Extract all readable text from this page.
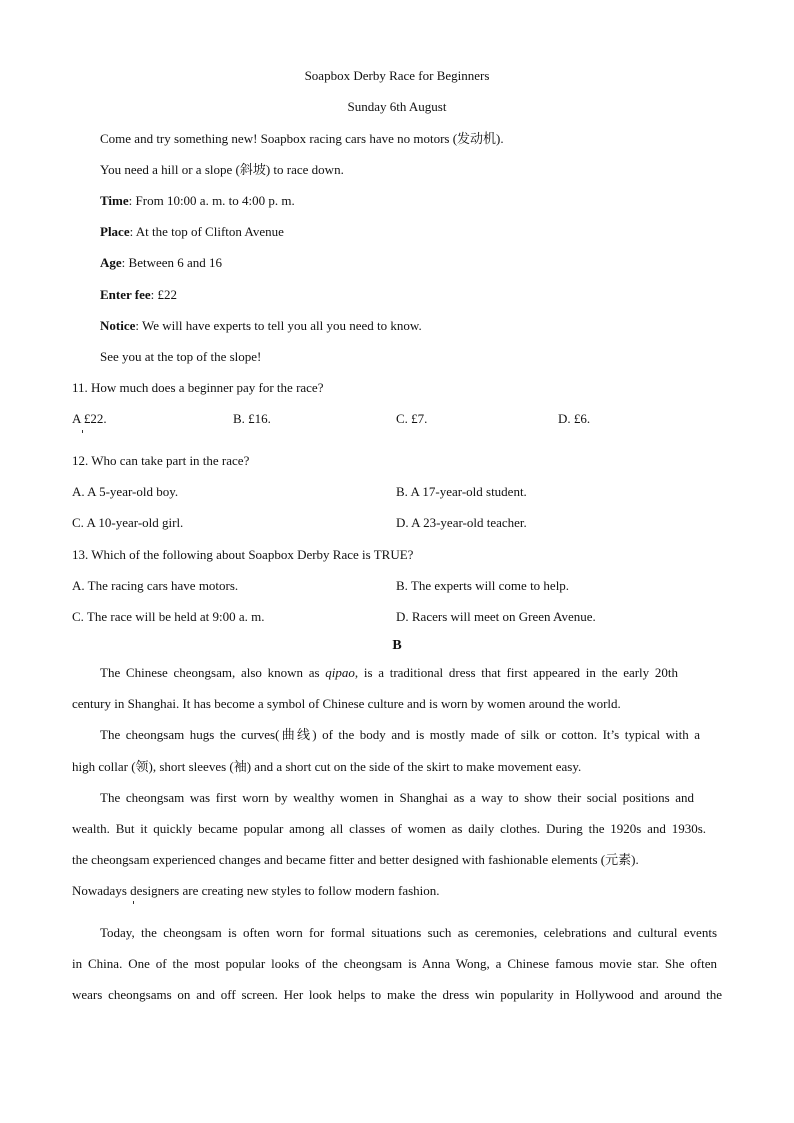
Soapbox Derby Race for Beginners
Sunday 6th August
Come and try something new! Soapbox racing cars have no motors (发动机).
You need a hill or a slope (斜坡) to race down.
Time: From 10:00 a. m. to 4:00 p. m.
Place: At the top of Clifton Avenue
Age: Between 6 and 16
Enter fee: £22
Notice: We will have experts to tell you all you need to know.
See you at the top of the slope!
11. How much does a beginner pay for the race?
A £22.	B. £16.	C. £7.	D. £6.
12. Who can take part in the race?
A. A 5-year-old boy.	B. A 17-year-old student.
C. A 10-year-old girl.	D. A 23-year-old teacher.
13. Which of the following about Soapbox Derby Race is TRUE?
A. The racing cars have motors.	B. The experts will come to help.
C. The race will be held at 9:00 a. m.	D. Racers will meet on Green Avenue.
B
The Chinese cheongsam, also known as qipao, is a traditional dress that first appeared in the early 20th
century in Shanghai. It has become a symbol of Chinese culture and is worn by women around the world.
The cheongsam hugs the curves(曲线) of the body and is mostly made of silk or cotton. It’s typical with a
high collar (领), short sleeves (袖) and a short cut on the side of the skirt to make movement easy.
The cheongsam was first worn by wealthy women in Shanghai as a way to show their social positions and
wealth. But it quickly became popular among all classes of women as daily clothes. During the 1920s and 1930s.
the cheongsam experienced changes and became fitter and better designed with fashionable elements (元素).
Nowadays designers are creating new styles to follow modern fashion.
Today, the cheongsam is often worn for formal situations such as ceremonies, celebrations and cultural events
in China. One of the most popular looks of the cheongsam is Anna Wong, a Chinese famous movie star. She often
wears cheongsams on and off screen. Her look helps to make the dress win popularity in Hollywood and around the
